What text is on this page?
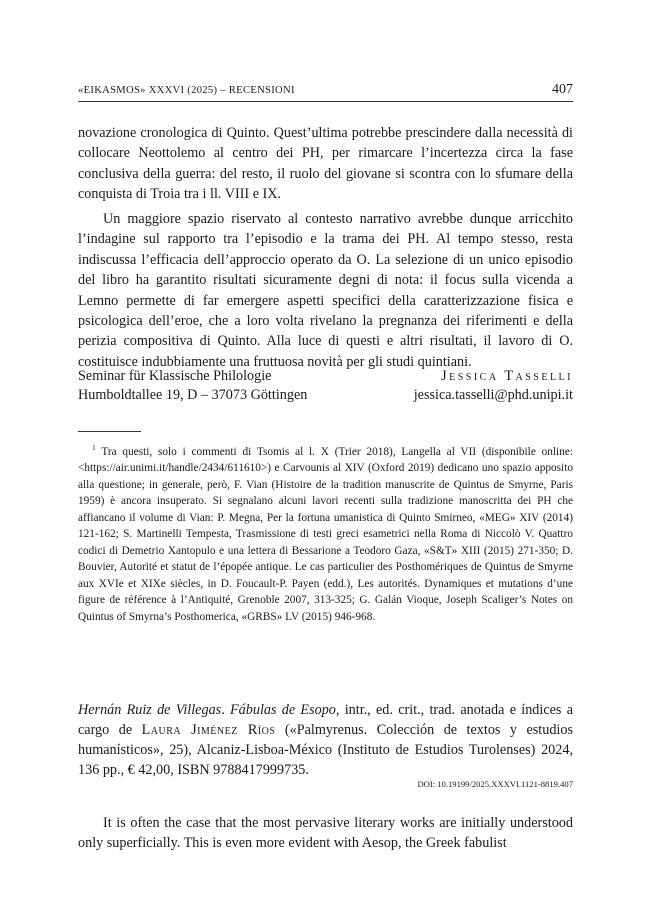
«EIKASMOS» XXXVI (2025) – RECENSIONI	407

novazione cronologica di Quinto. Quest’ultima potrebbe prescindere dalla necessità di collocare Neottolemo al centro dei PH, per rimarcare l’incertezza circa la fase conclusiva della guerra: del resto, il ruolo del giovane si scontra con lo sfumare della conquista di Troia tra i ll. VIII e IX.

Un maggiore spazio riservato al contesto narrativo avrebbe dunque arricchito l’indagine sul rapporto tra l’episodio e la trama dei PH. Al tempo stesso, resta indiscussa l’efficacia dell’approccio operato da O. La selezione di un unico episodio del libro ha garantito risultati sicuramente degni di nota: il focus sulla vicenda a Lemno permette di far emergere aspetti specifici della caratterizzazione fisica e psicologica dell’eroe, che a loro volta rivelano la pregnanza dei riferimenti e della perizia compositiva di Quinto. Alla luce di questi e altri risultati, il lavoro di O. costituisce indubbiamente una fruttuosa novità per gli studi quintiani.

Seminar für Klassische Philologie
Humboldtallee 19, D – 37073 Göttingen
Jessica Tasselli
jessica.tasselli@phd.unipi.it

$^1$ Tra questi, solo i commenti di Tsomis al l. X (Trier 2018), Langella al VII (disponibile online: <https://air.unimi.it/handle/2434/611610>) e Carvounis al XIV (Oxford 2019) dedicano uno spazio apposito alla questione; in generale, però, F. Vian (Histoire de la tradition manuscrite de Quintus de Smyrne, Paris 1959) è ancora insuperato. Si segnalano alcuni lavori recenti sulla tradizione manoscritta dei PH che affiancano il volume di Vian: P. Megna, Per la fortuna umanistica di Quinto Smirneo, «MEG» XIV (2014) 121-162; S. Martinelli Tempesta, Trasmissione di testi greci esametrici nella Roma di Niccolò V. Quattro codici di Demetrio Xantopulo e una lettera di Bessarione a Teodoro Gaza, «S&T» XIII (2015) 271-350; D. Bouvier, Autorité et statut de l’épopée antique. Le cas particulier des Posthomériques de Quintus de Smyrne aux XVIe et XIXe siècles, in D. Foucault-P. Payen (edd.), Les autorités. Dynamiques et mutations d’une figure de référence à l’Antiquité, Grenoble 2007, 313-325; G. Galán Vioque, Joseph Scaliger’s Notes on Quintus of Smyrna’s Posthomerica, «GRBS» LV (2015) 946-968.

Hernán Ruiz de Villegas. Fábulas de Esopo, intr., ed. crit., trad. anotada e índices a cargo de Laura Jiménez Ríos («Palmyrenus. Colección de textos y estudios humanísticos», 25), Alcaniz-Lisboa-México (Instituto de Estudios Turolenses) 2024, 136 pp., € 42,00, ISBN 9788417999735.

DOI: 10.19199/2025.XXXVI.1121-8819.407

It is often the case that the most pervasive literary works are initially understood only superficially. This is even more evident with Aesop, the Greek fabulist
